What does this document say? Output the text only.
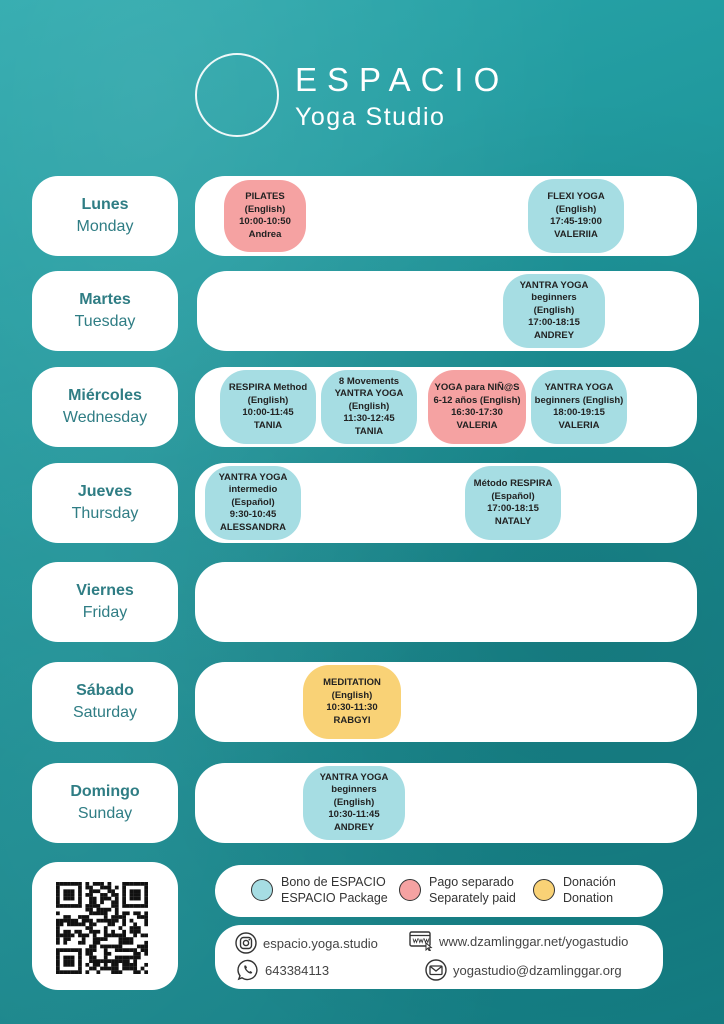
ESPACIO
Yoga Studio
Lunes
Monday
PILATES
(English)
10:00-10:50
Andrea
FLEXI YOGA
(English)
17:45-19:00
VALERIIA
Martes
Tuesday
YANTRA YOGA
beginners
(English)
17:00-18:15
ANDREY
Miércoles
Wednesday
RESPIRA Method
(English)
10:00-11:45
TANIA
8 Movements
YANTRA YOGA
(English)
11:30-12:45
TANIA
YOGA para NIÑ@S
6-12 años (English)
16:30-17:30
VALERIA
YANTRA YOGA
beginners (English)
18:00-19:15
VALERIA
Jueves
Thursday
YANTRA YOGA
intermedio
(Español)
9:30-10:45
ALESSANDRA
Método RESPIRA
(Español)
17:00-18:15
NATALY
Viernes
Friday
Sábado
Saturday
MEDITATION
(English)
10:30-11:30
RABGYI
Domingo
Sunday
YANTRA YOGA
beginners
(English)
10:30-11:45
ANDREY
Bono de ESPACIO
ESPACIO Package
Pago separado
Separately paid
Donación
Donation
espacio.yoga.studio	www.dzamlinggar.net/yogastudio
643384113	yogastudio@dzamlinggar.org
